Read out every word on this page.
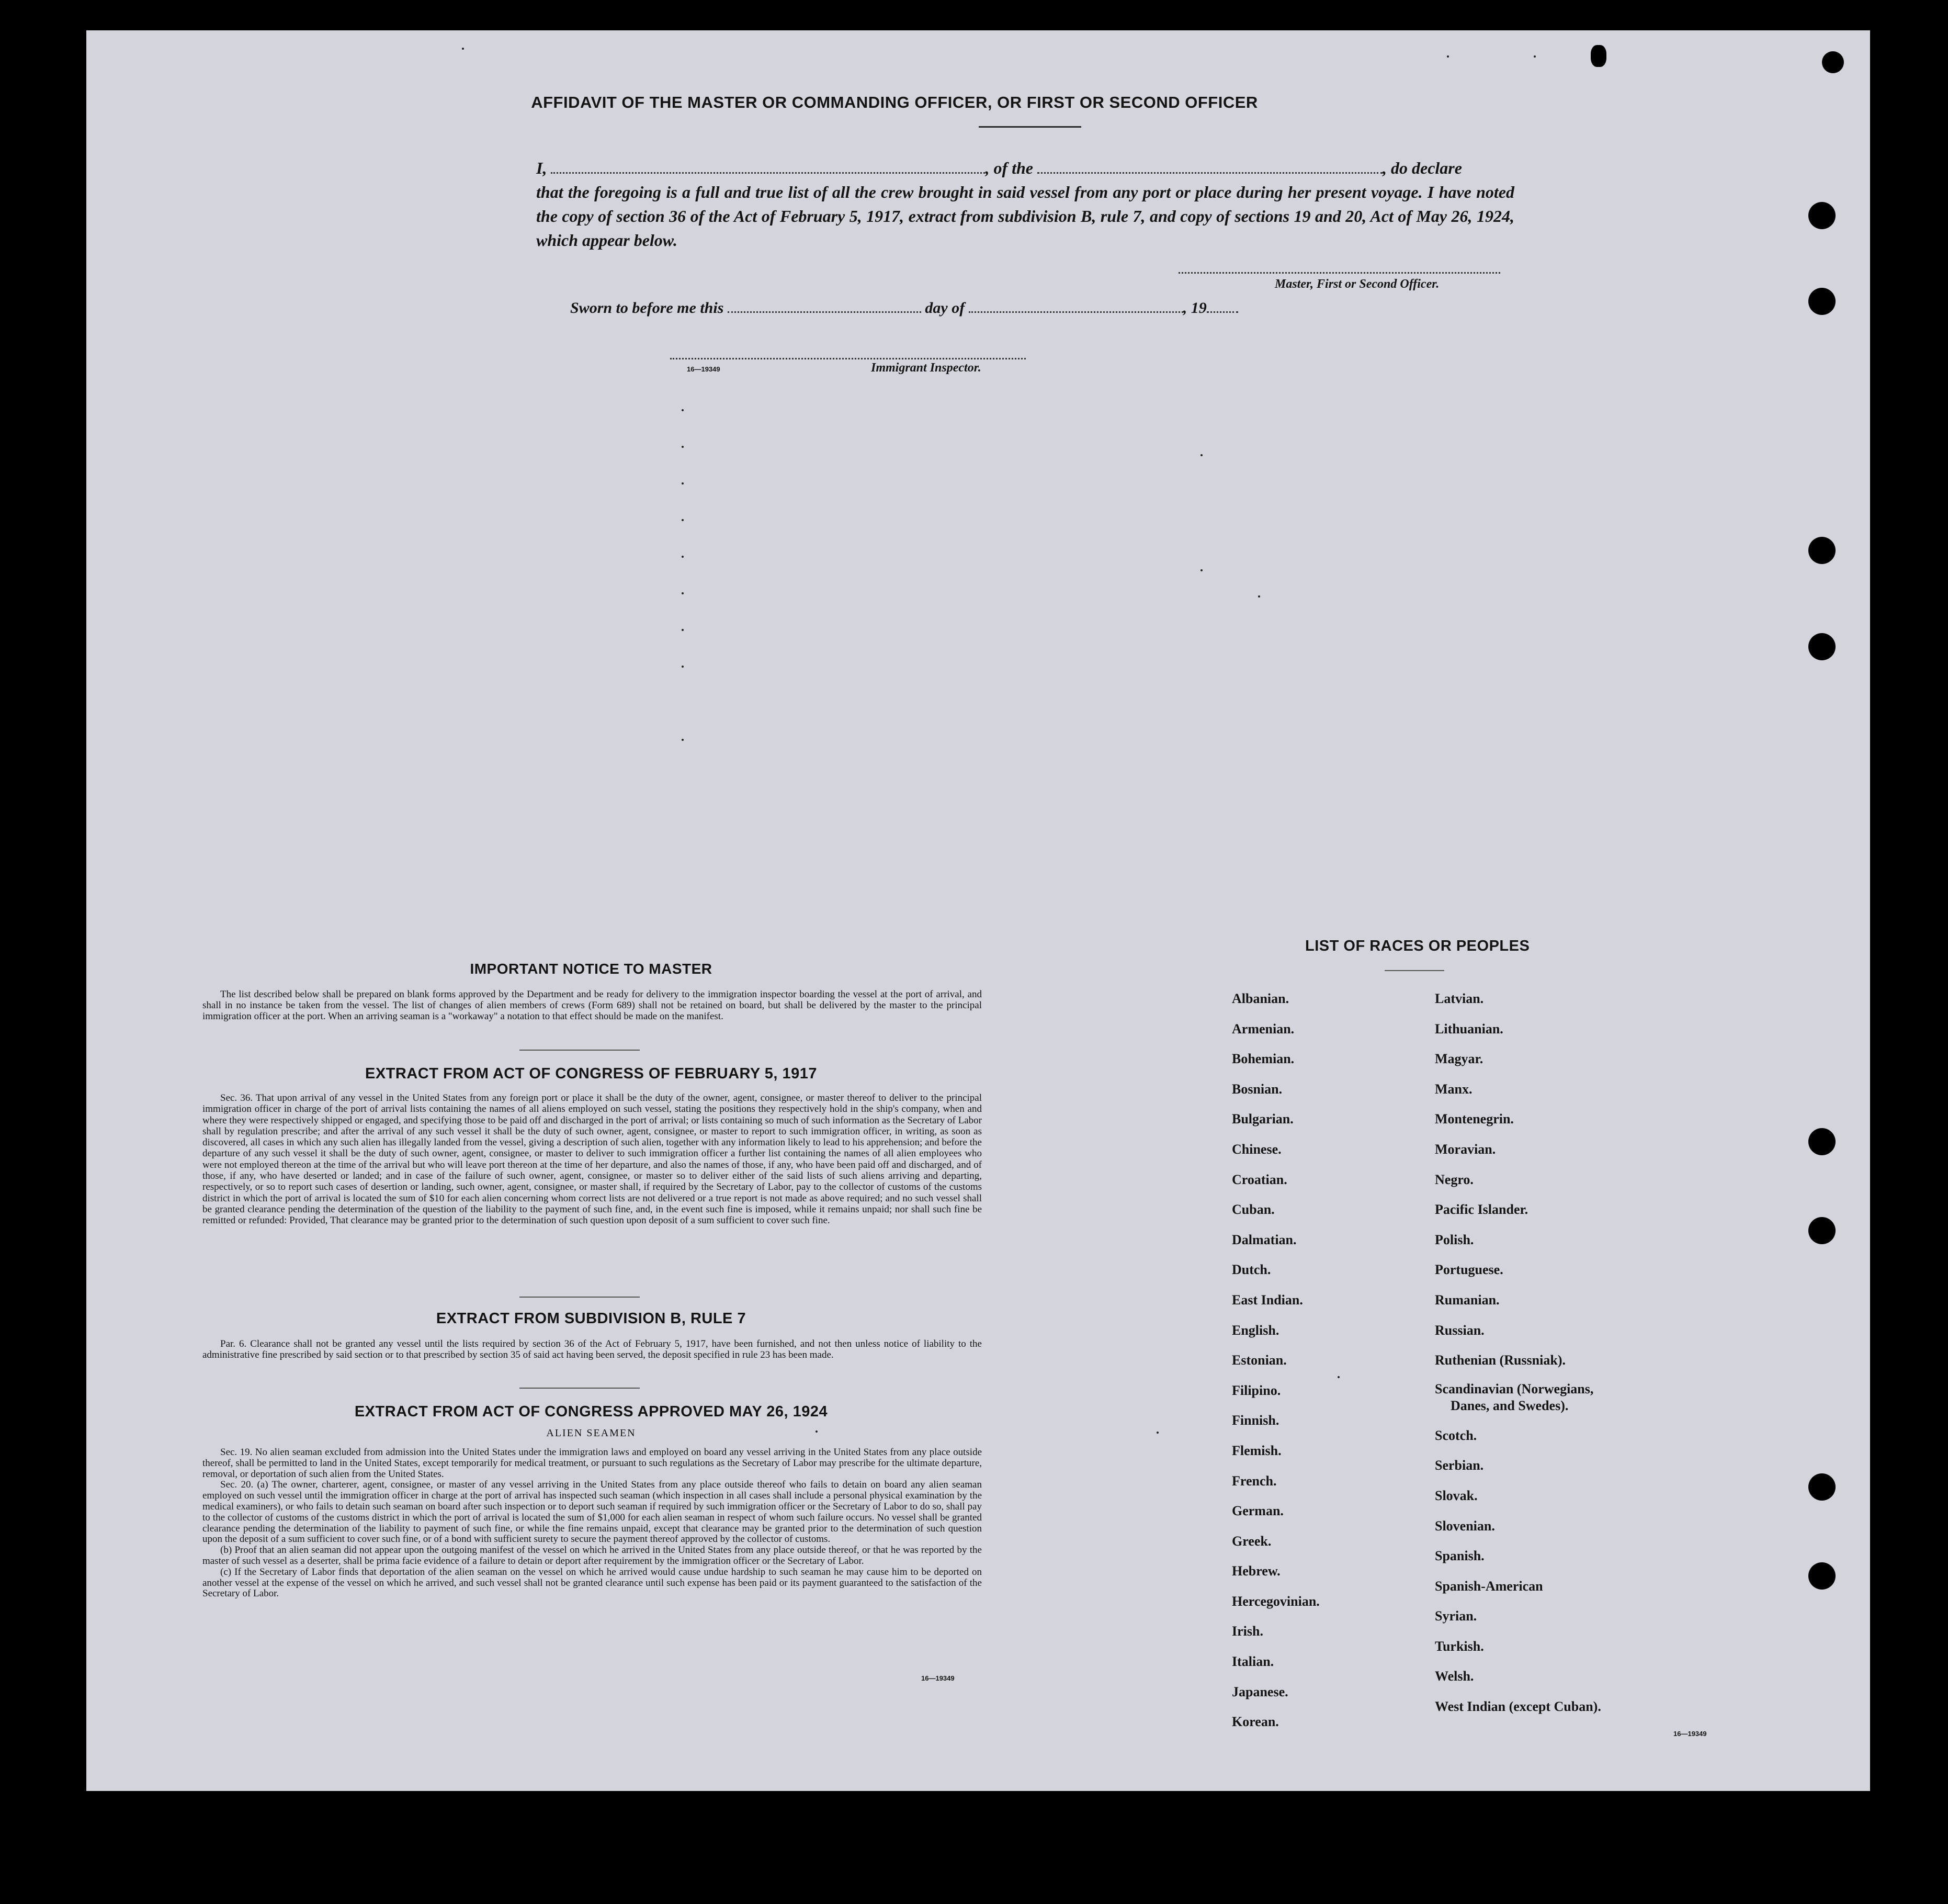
AFFIDAVIT OF THE MASTER OR COMMANDING OFFICER, OR FIRST OR SECOND OFFICER
I,	, of the	, do declare
that the foregoing is a full and true list of all the crew brought in said vessel from any port or place during her present voyage. I have noted the copy of section 36 of the Act of February 5, 1917, extract from subdivision B, rule 7, and copy of sections 19 and 20, Act of May 26, 1924, which appear below.
Master, First or Second Officer.
Sworn to before me this	day of	, 19
16—19349	Immigrant Inspector.
IMPORTANT NOTICE TO MASTER
The list described below shall be prepared on blank forms approved by the Department and be ready for delivery to the immigration inspector boarding the vessel at the port of arrival, and shall in no instance be taken from the vessel. The list of changes of alien members of crews (Form 689) shall not be retained on board, but shall be delivered by the master to the principal immigration officer at the port. When an arriving seaman is a "workaway" a notation to that effect should be made on the manifest.
EXTRACT FROM ACT OF CONGRESS OF FEBRUARY 5, 1917
Sec. 36. That upon arrival of any vessel in the United States from any foreign port or place it shall be the duty of the owner, agent, consignee, or master thereof to deliver to the principal immigration officer in charge of the port of arrival lists containing the names of all aliens employed on such vessel, stating the positions they respectively hold in the ship's company, when and where they were respectively shipped or engaged, and specifying those to be paid off and discharged in the port of arrival; or lists containing so much of such information as the Secretary of Labor shall by regulation prescribe; and after the arrival of any such vessel it shall be the duty of such owner, agent, consignee, or master to report to such immigration officer, in writing, as soon as discovered, all cases in which any such alien has illegally landed from the vessel, giving a description of such alien, together with any information likely to lead to his apprehension; and before the departure of any such vessel it shall be the duty of such owner, agent, consignee, or master to deliver to such immigration officer a further list containing the names of all alien employees who were not employed thereon at the time of the arrival but who will leave port thereon at the time of her departure, and also the names of those, if any, who have been paid off and discharged, and of those, if any, who have deserted or landed; and in case of the failure of such owner, agent, consignee, or master so to deliver either of the said lists of such aliens arriving and departing, respectively, or so to report such cases of desertion or landing, such owner, agent, consignee, or master shall, if required by the Secretary of Labor, pay to the collector of customs of the customs district in which the port of arrival is located the sum of $10 for each alien concerning whom correct lists are not delivered or a true report is not made as above required; and no such vessel shall be granted clearance pending the determination of the question of the liability to the payment of such fine, and, in the event such fine is imposed, while it remains unpaid; nor shall such fine be remitted or refunded: Provided, That clearance may be granted prior to the determination of such question upon deposit of a sum sufficient to cover such fine.
EXTRACT FROM SUBDIVISION B, RULE 7
Par. 6. Clearance shall not be granted any vessel until the lists required by section 36 of the Act of February 5, 1917, have been furnished, and not then unless notice of liability to the administrative fine prescribed by said section or to that prescribed by section 35 of said act having been served, the deposit specified in rule 23 has been made.
EXTRACT FROM ACT OF CONGRESS APPROVED MAY 26, 1924
ALIEN SEAMEN

Sec. 19. No alien seaman excluded from admission into the United States under the immigration laws and employed on board any vessel arriving in the United States from any place outside thereof, shall be permitted to land in the United States, except temporarily for medical treatment, or pursuant to such regulations as the Secretary of Labor may prescribe for the ultimate departure, removal, or deportation of such alien from the United States.

Sec. 20. (a) The owner, charterer, agent, consignee, or master of any vessel arriving in the United States from any place outside thereof who fails to detain on board any alien seaman employed on such vessel until the immigration officer in charge at the port of arrival has inspected such seaman (which inspection in all cases shall include a personal physical examination by the medical examiners), or who fails to detain such seaman on board after such inspection or to deport such seaman if required by such immigration officer or the Secretary of Labor to do so, shall pay to the collector of customs of the customs district in which the port of arrival is located the sum of $1,000 for each alien seaman in respect of whom such failure occurs. No vessel shall be granted clearance pending the determination of the liability to payment of such fine, or while the fine remains unpaid, except that clearance may be granted prior to the determination of such question upon the deposit of a sum sufficient to cover such fine, or of a bond with sufficient surety to secure the payment thereof approved by the collector of customs.

(b) Proof that an alien seaman did not appear upon the outgoing manifest of the vessel on which he arrived in the United States from any place outside thereof, or that he was reported by the master of such vessel as a deserter, shall be prima facie evidence of a failure to detain or deport after requirement by the immigration officer or the Secretary of Labor.

(c) If the Secretary of Labor finds that deportation of the alien seaman on the vessel on which he arrived would cause undue hardship to such seaman he may cause him to be deported on another vessel at the expense of the vessel on which he arrived, and such vessel shall not be granted clearance until such expense has been paid or its payment guaranteed to the satisfaction of the Secretary of Labor.

16—19349
LIST OF RACES OR PEOPLES
Albanian.
Armenian.
Bohemian.
Bosnian.
Bulgarian.
Chinese.
Croatian.
Cuban.
Dalmatian.
Dutch.
East Indian.
English.
Estonian.
Filipino.
Finnish.
Flemish.
French.
German.
Greek.
Hebrew.
Hercegovinian.
Irish.
Italian.
Japanese.
Korean.
Latvian.
Lithuanian.
Magyar.
Manx.
Montenegrin.
Moravian.
Negro.
Pacific Islander.
Polish.
Portuguese.
Rumanian.
Russian.
Ruthenian (Russniak).
Scandinavian (Norwegians,
Danes, and Swedes).
Scotch.
Serbian.
Slovak.
Slovenian.
Spanish.
Spanish-American
Syrian.
Turkish.
Welsh.
West Indian (except Cuban).
16—19349
